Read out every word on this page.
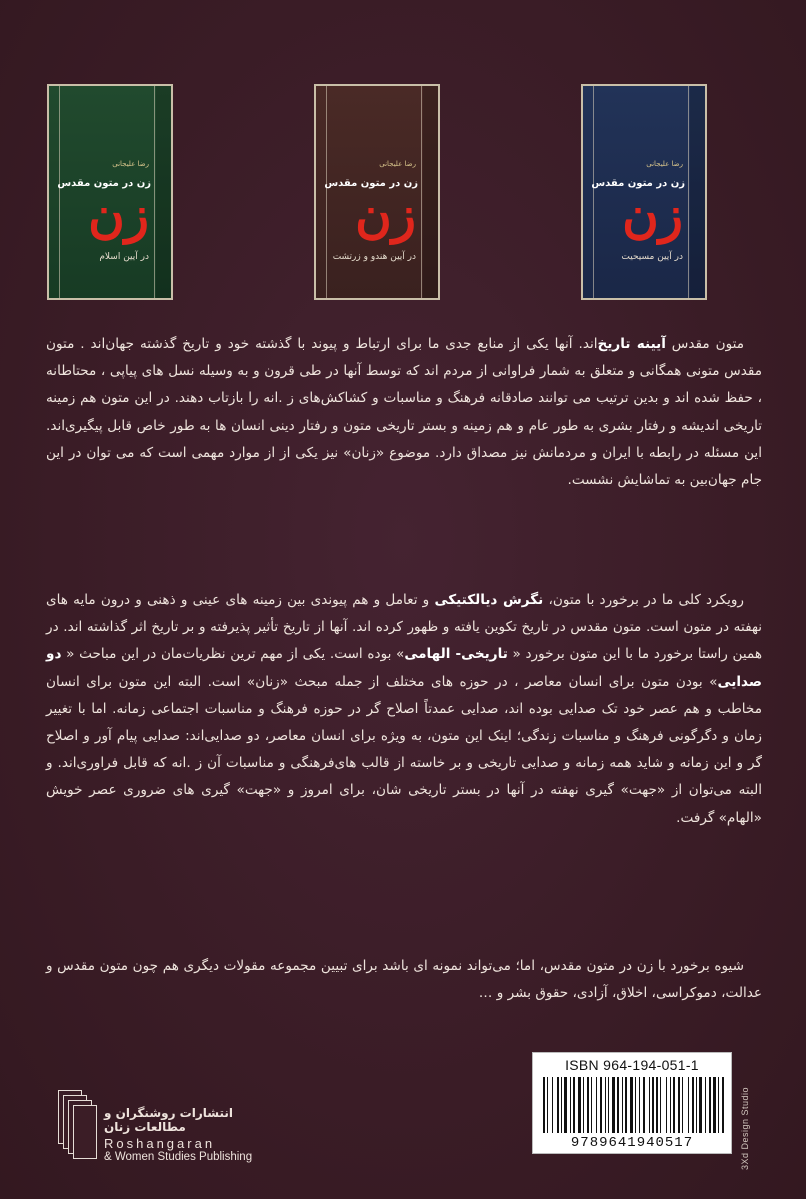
رضا علیجانی
زن در متون مقدس
زن
در آیین اسلام
رضا علیجانی
زن در متون مقدس
زن
در آیین هندو و زرتشت
رضا علیجانی
زن در متون مقدس
زن
در آیین مسیحیت

متون مقدس آیینه تاریخ‌اند. آنها یکی از منابع جدی ما برای ارتباط و پیوند با گذشته خود و تاریخ گذشته جهان‌اند . متون مقدس متونی همگانی و متعلق به شمار فراوانی از مردم اند که توسط آنها در طی قرون و به وسیله نسل های پیاپی ، محتاطانه ، حفظ شده اند و بدین ترتیب می توانند صادقانه فرهنگ و مناسبات و کشاکش‌های ز ‌.ا‌نه را بازتاب دهند. در این متون هم زمینه تاریخی اندیشه و رفتار بشری به طور عام و هم زمینه و بستر تاریخی متون و رفتار دینی انسان ها به طور خاص قابل پیگیری‌اند. این مسئله در رابطه با ایران و مردمانش نیز مصداق دارد. موضوع «زنان» نیز یکی از از موارد مهمی است که می توان در این جام جهان‌بین به تماشایش نشست.

رویکرد کلی ما در برخورد با متون، نگرش دیالکتیکی و تعامل و هم پیوندی بین زمینه های عینی و ذهنی و درون مایه های نهفته در متون است. متون مقدس در تاریخ تکوین یافته و ظهور کرده اند. آنها از تاریخ تأثیر پذیرفته و بر تاریخ اثر گذاشته اند. در همین راستا برخورد ما با این متون برخورد « تاریخی- الهامی» بوده است. یکی از مهم ترین نظریات‌مان در این مباحث « دو صدایی» بودن متون برای انسان معاصر ، در حوزه های مختلف از جمله مبحث «زنان» است. البته این متون برای انسان مخاطب و هم عصر خود تک صدایی بوده اند، صدایی عمدتاً اصلاح گر در حوزه فرهنگ و مناسبات اجتماعی زمانه. اما با تغییر زمان و دگرگونی فرهنگ و مناسبات زندگی؛ اینک این متون، به ویژه برای انسان معاصر، دو صدایی‌اند: صدایی پیام آور و اصلاح گر و این زمانه و شاید همه زمانه و صدایی تاریخی و بر خاسته از قالب های‌فرهنگی و مناسبات آن ز ‌.ا‌نه که قابل فراوری‌اند. و البته می‌توان از «جهت» گیری نهفته در آنها در بستر تاریخی شان، برای امروز و «جهت» گیری های ضروری عصر خویش «الهام» گرفت.

شیوه برخورد با زن در متون مقدس، اما؛ می‌تواند نمونه ای باشد برای تبیین مجموعه مقولات دیگری هم چون متون مقدس و عدالت، دموکراسی، اخلاق، آزادی، حقوق بشر و …

انتشارات روشنگران و مطالعات زنان
Roshangaran
& Women Studies Publishing
ISBN 964-194-051-1
9789641940517	3Xd Design Studio
